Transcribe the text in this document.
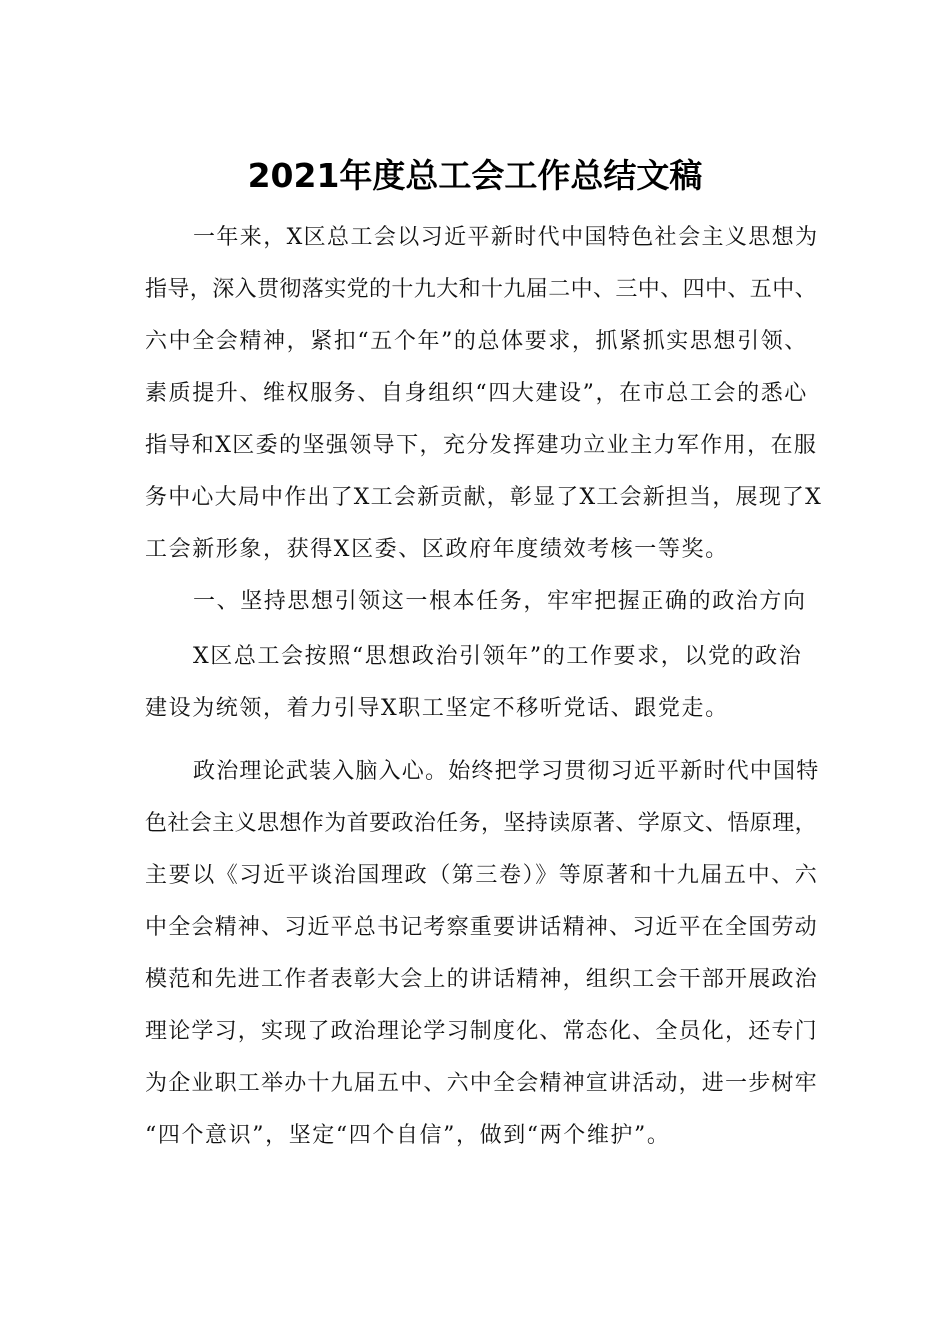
2021年度总工会工作总结文稿

一年来，X区总工会以习近平新时代中国特色社会主义思想为

指导，深入贯彻落实党的十九大和十九届二中、三中、四中、五中、

六中全会精神，紧扣“五个年”的总体要求，抓紧抓实思想引领、

素质提升、维权服务、自身组织“四大建设”，在市总工会的悉心

指导和X区委的坚强领导下，充分发挥建功立业主力军作用，在服

务中心大局中作出了X工会新贡献，彰显了X工会新担当，展现了X

工会新形象，获得X区委、区政府年度绩效考核一等奖。

一、坚持思想引领这一根本任务，牢牢把握正确的政治方向

X区总工会按照“思想政治引领年”的工作要求，以党的政治

建设为统领，着力引导X职工坚定不移听党话、跟党走。

政治理论武装入脑入心。始终把学习贯彻习近平新时代中国特

色社会主义思想作为首要政治任务，坚持读原著、学原文、悟原理，

主要以《习近平谈治国理政（第三卷）》等原著和十九届五中、六

中全会精神、习近平总书记考察重要讲话精神、习近平在全国劳动

模范和先进工作者表彰大会上的讲话精神，组织工会干部开展政治

理论学习，实现了政治理论学习制度化、常态化、全员化，还专门

为企业职工举办十九届五中、六中全会精神宣讲活动，进一步树牢

“四个意识”，坚定“四个自信”，做到“两个维护”。
